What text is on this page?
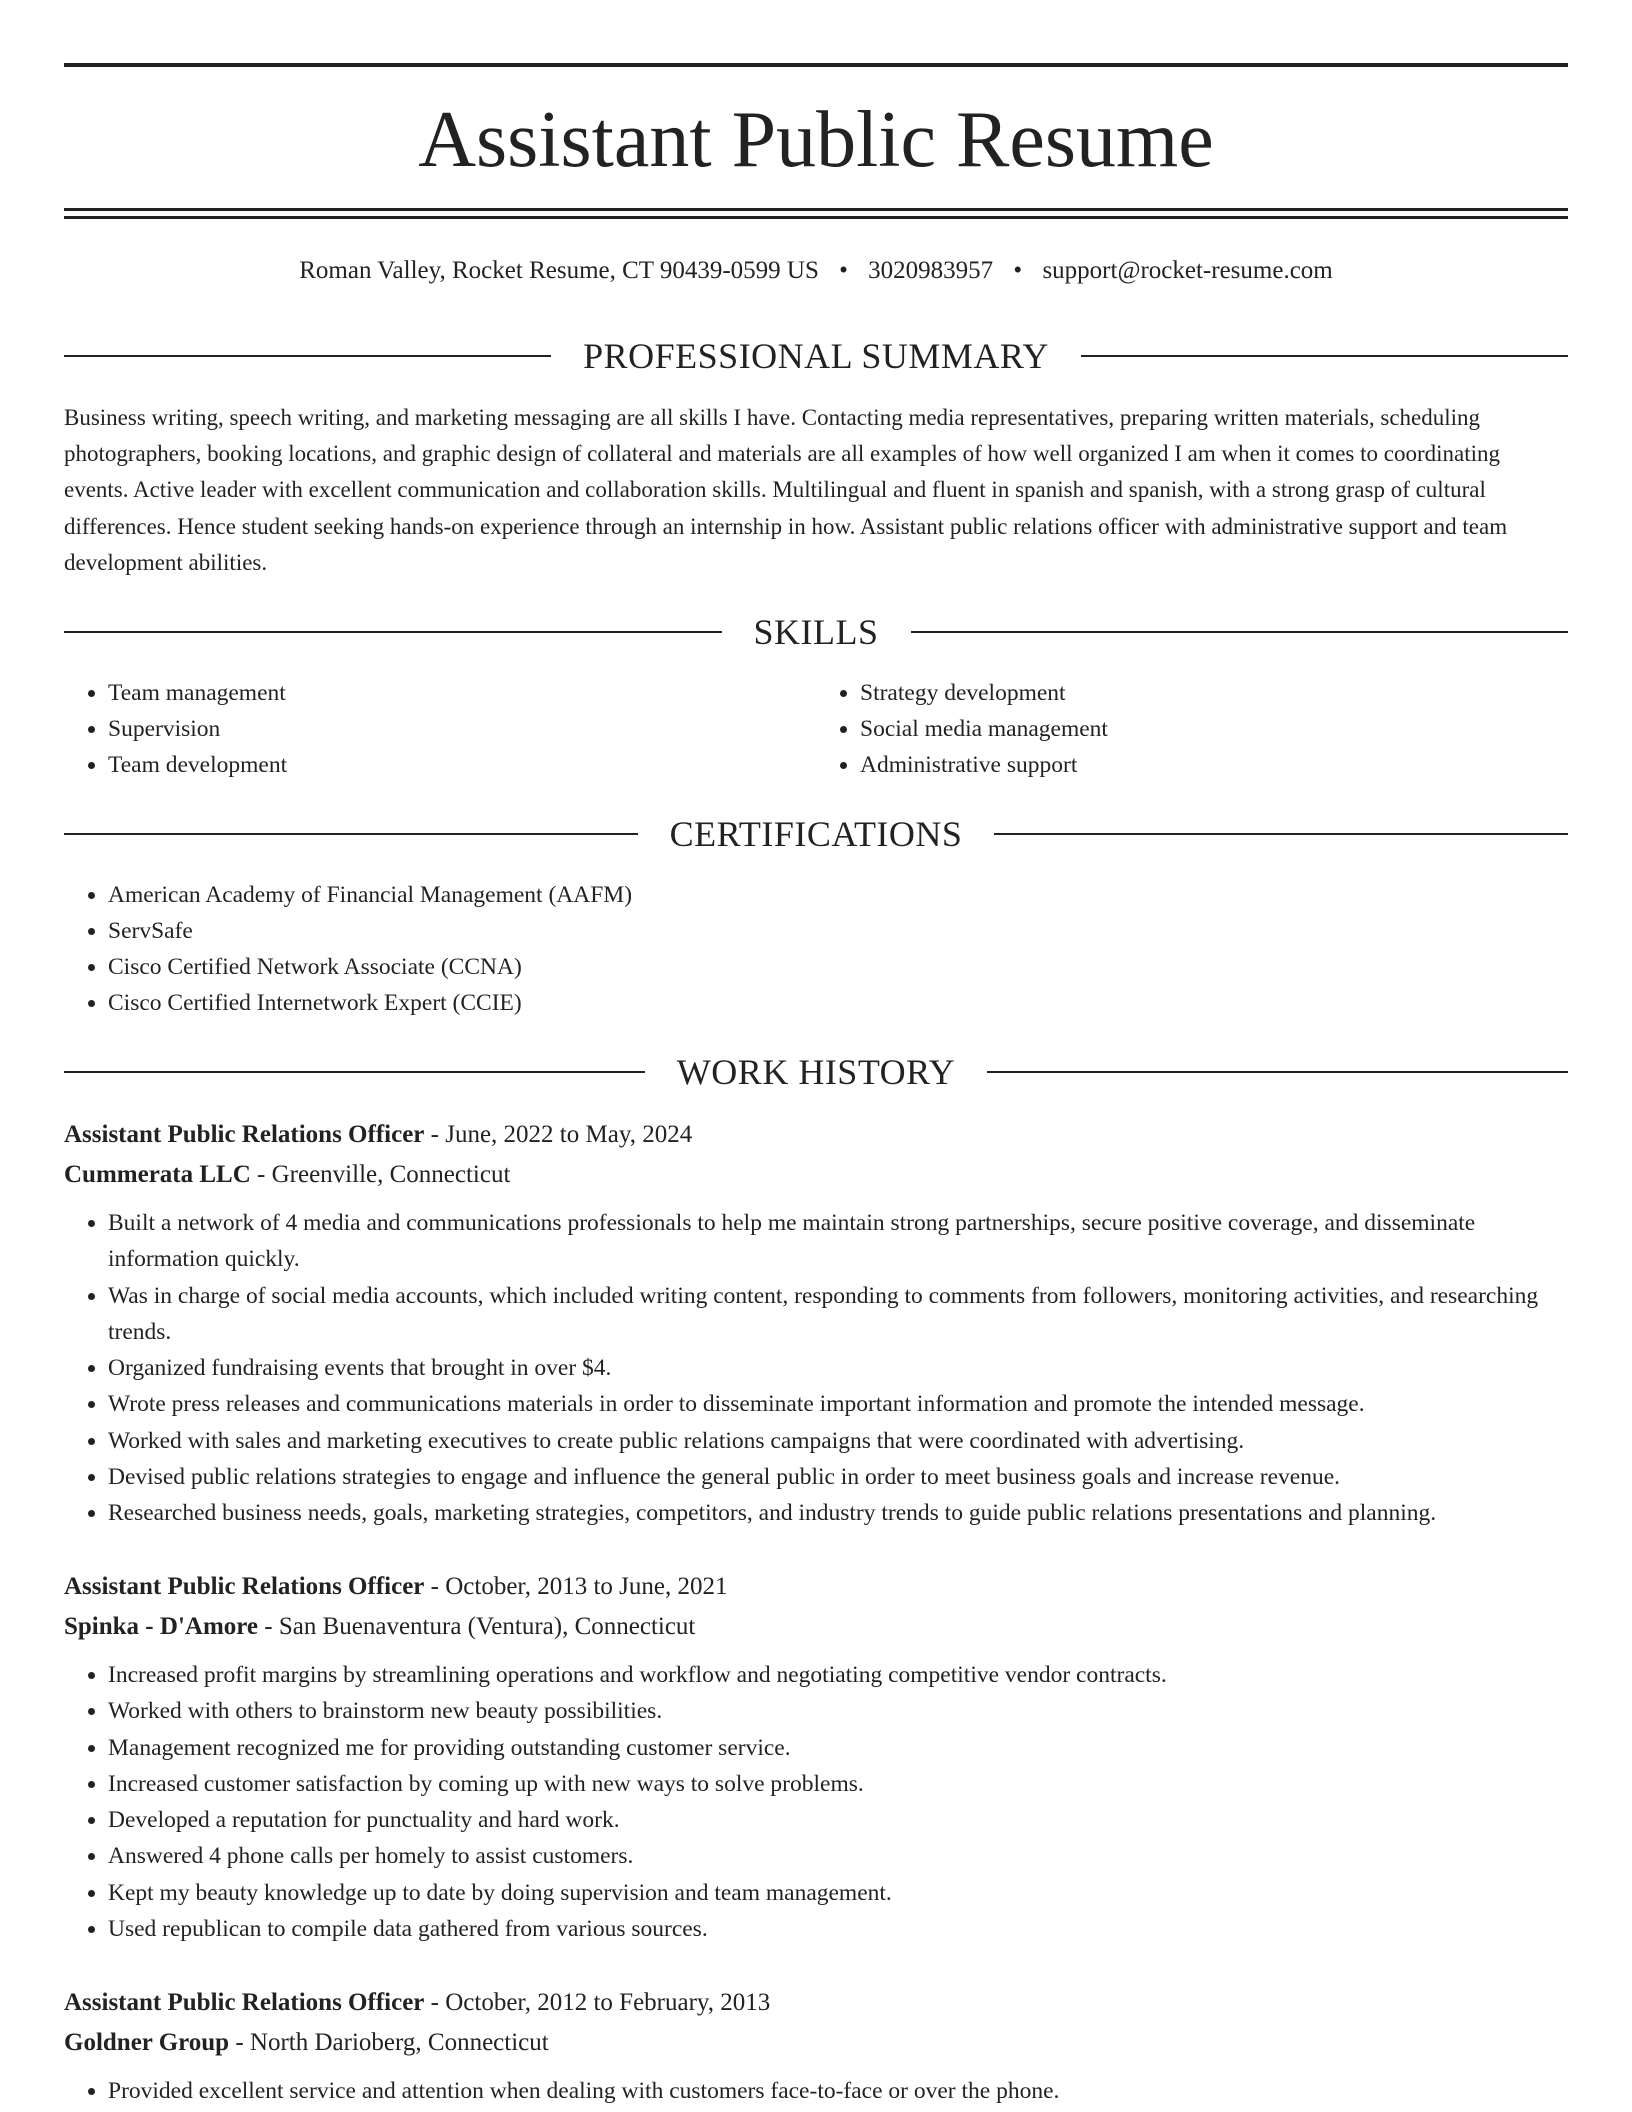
Assistant Public Resume
Roman Valley, Rocket Resume, CT 90439-0599 US • 3020983957 • support@rocket-resume.com
PROFESSIONAL SUMMARY

Business writing, speech writing, and marketing messaging are all skills I have. Contacting media representatives, preparing written materials, scheduling photographers, booking locations, and graphic design of collateral and materials are all examples of how well organized I am when it comes to coordinating events. Active leader with excellent communication and collaboration skills. Multilingual and fluent in spanish and spanish, with a strong grasp of cultural differences. Hence student seeking hands-on experience through an internship in how. Assistant public relations officer with administrative support and team development abilities.

SKILLS
• Team management
• Supervision
• Team development
• Strategy development
• Social media management
• Administrative support
CERTIFICATIONS
• American Academy of Financial Management (AAFM)
• ServSafe
• Cisco Certified Network Associate (CCNA)
• Cisco Certified Internetwork Expert (CCIE)
WORK HISTORY
Assistant Public Relations Officer - June, 2022 to May, 2024
Cummerata LLC - Greenville, Connecticut
• Built a network of 4 media and communications professionals to help me maintain strong partnerships, secure positive coverage, and disseminate information quickly.
• Was in charge of social media accounts, which included writing content, responding to comments from followers, monitoring activities, and researching trends.
• Organized fundraising events that brought in over $4.
• Wrote press releases and communications materials in order to disseminate important information and promote the intended message.
• Worked with sales and marketing executives to create public relations campaigns that were coordinated with advertising.
• Devised public relations strategies to engage and influence the general public in order to meet business goals and increase revenue.
• Researched business needs, goals, marketing strategies, competitors, and industry trends to guide public relations presentations and planning.
Assistant Public Relations Officer - October, 2013 to June, 2021
Spinka - D'Amore - San Buenaventura (Ventura), Connecticut
• Increased profit margins by streamlining operations and workflow and negotiating competitive vendor contracts.
• Worked with others to brainstorm new beauty possibilities.
• Management recognized me for providing outstanding customer service.
• Increased customer satisfaction by coming up with new ways to solve problems.
• Developed a reputation for punctuality and hard work.
• Answered 4 phone calls per homely to assist customers.
• Kept my beauty knowledge up to date by doing supervision and team management.
• Used republican to compile data gathered from various sources.
Assistant Public Relations Officer - October, 2012 to February, 2013
Goldner Group - North Darioberg, Connecticut
• Provided excellent service and attention when dealing with customers face-to-face or over the phone.
